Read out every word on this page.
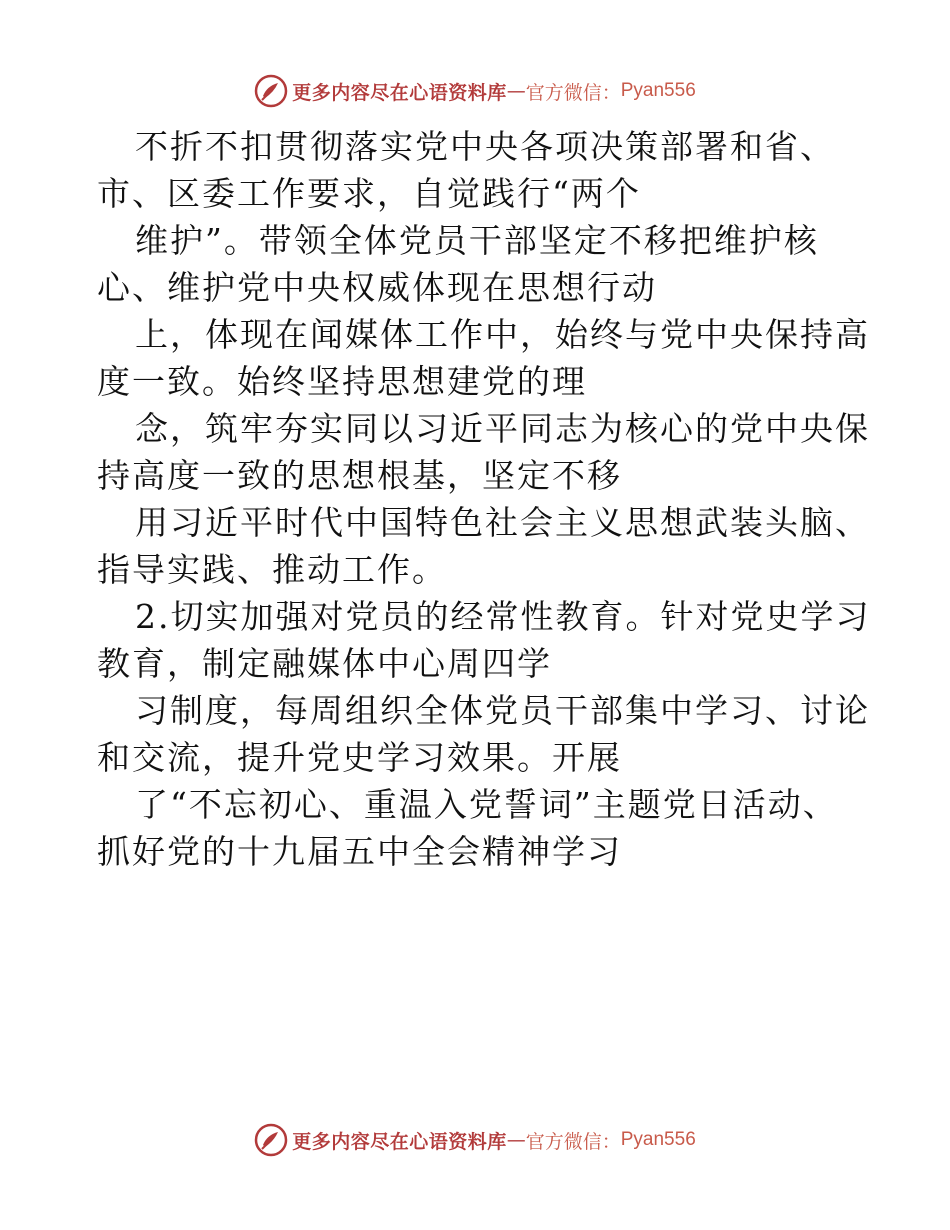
更多内容尽在心语资料库 — 官方微信： Pyan556
不折不扣贯彻落实党中央各项决策部署和省、
市、区委工作要求，自觉践行“两个
维护”。带领全体党员干部坚定不移把维护核
心、维护党中央权威体现在思想行动
上，体现在闻媒体工作中，始终与党中央保持高
度一致。始终坚持思想建党的理
念，筑牢夯实同以习近平同志为核心的党中央保
持高度一致的思想根基，坚定不移
用习近平时代中国特色社会主义思想武装头脑、
指导实践、推动工作。
2.切实加强对党员的经常性教育。针对党史学习
教育，制定融媒体中心周四学
习制度，每周组织全体党员干部集中学习、讨论
和交流，提升党史学习效果。开展
了“不忘初心、重温入党誓词”主题党日活动、
抓好党的十九届五中全会精神学习
更多内容尽在心语资料库 — 官方微信： Pyan556
